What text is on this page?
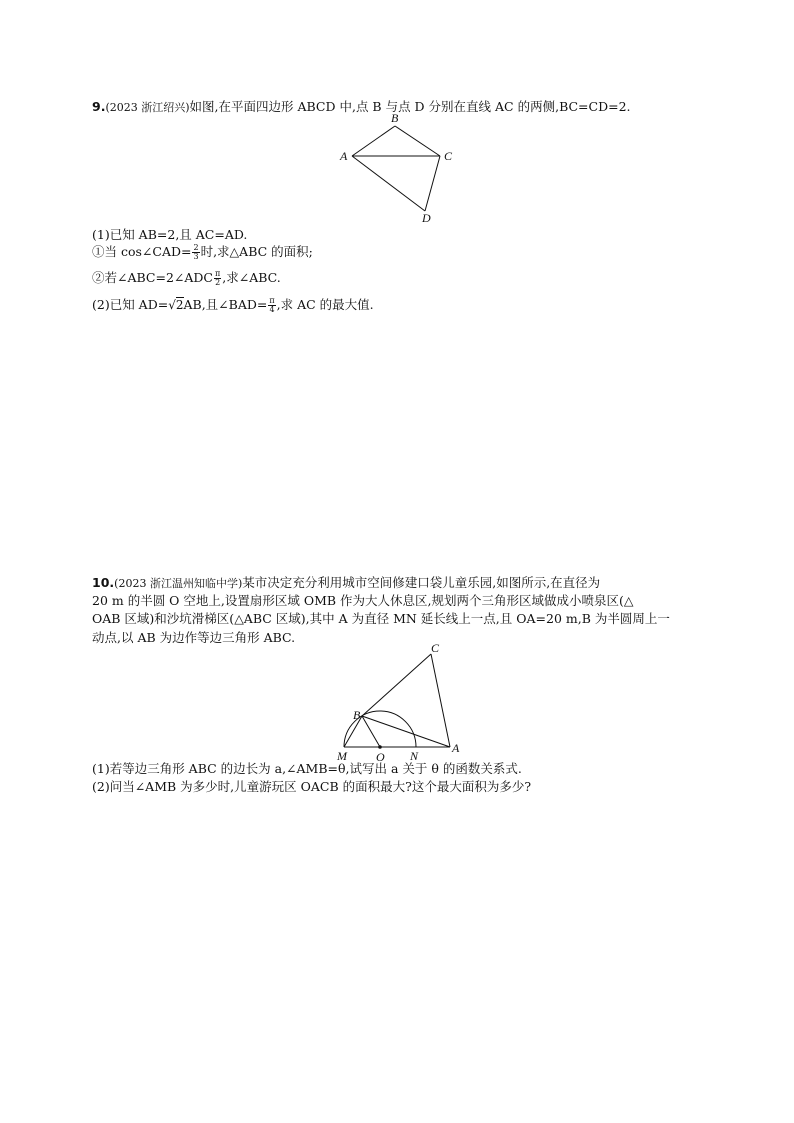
9.(2023 浙江绍兴)如图,在平面四边形 ABCD 中,点 B 与点 D 分别在直线 AC 的两侧,BC=CD=2.
A
B
C
D
(1)已知 AB=2,且 AC=AD.
①当 cos∠CAD= $\frac{2}{3}$ 时,求△ABC 的面积;
②若∠ABC=2∠ADC $\frac{\pi}{2}$ ,求∠ABC.
(2)已知 AD=√2AB,且∠BAD= $\frac{\pi}{4}$ ,求 AC 的最大值.
10.(2023 浙江温州知临中学)某市决定充分利用城市空间修建口袋儿童乐园,如图所示,在直径为
20 m 的半圆 O 空地上,设置扇形区域 OMB 作为大人休息区,规划两个三角形区域做成小喷泉区(△
OAB 区域)和沙坑滑梯区(△ABC 区域),其中 A 为直径 MN 延长线上一点,且 OA=20 m,B 为半圆周上一
动点,以 AB 为边作等边三角形 ABC.
C
B
M O N
A
(1)若等边三角形 ABC 的边长为 a,∠AMB=θ,试写出 a 关于 θ 的函数关系式.
(2)问当∠AMB 为多少时,儿童游玩区 OACB 的面积最大?这个最大面积为多少?
